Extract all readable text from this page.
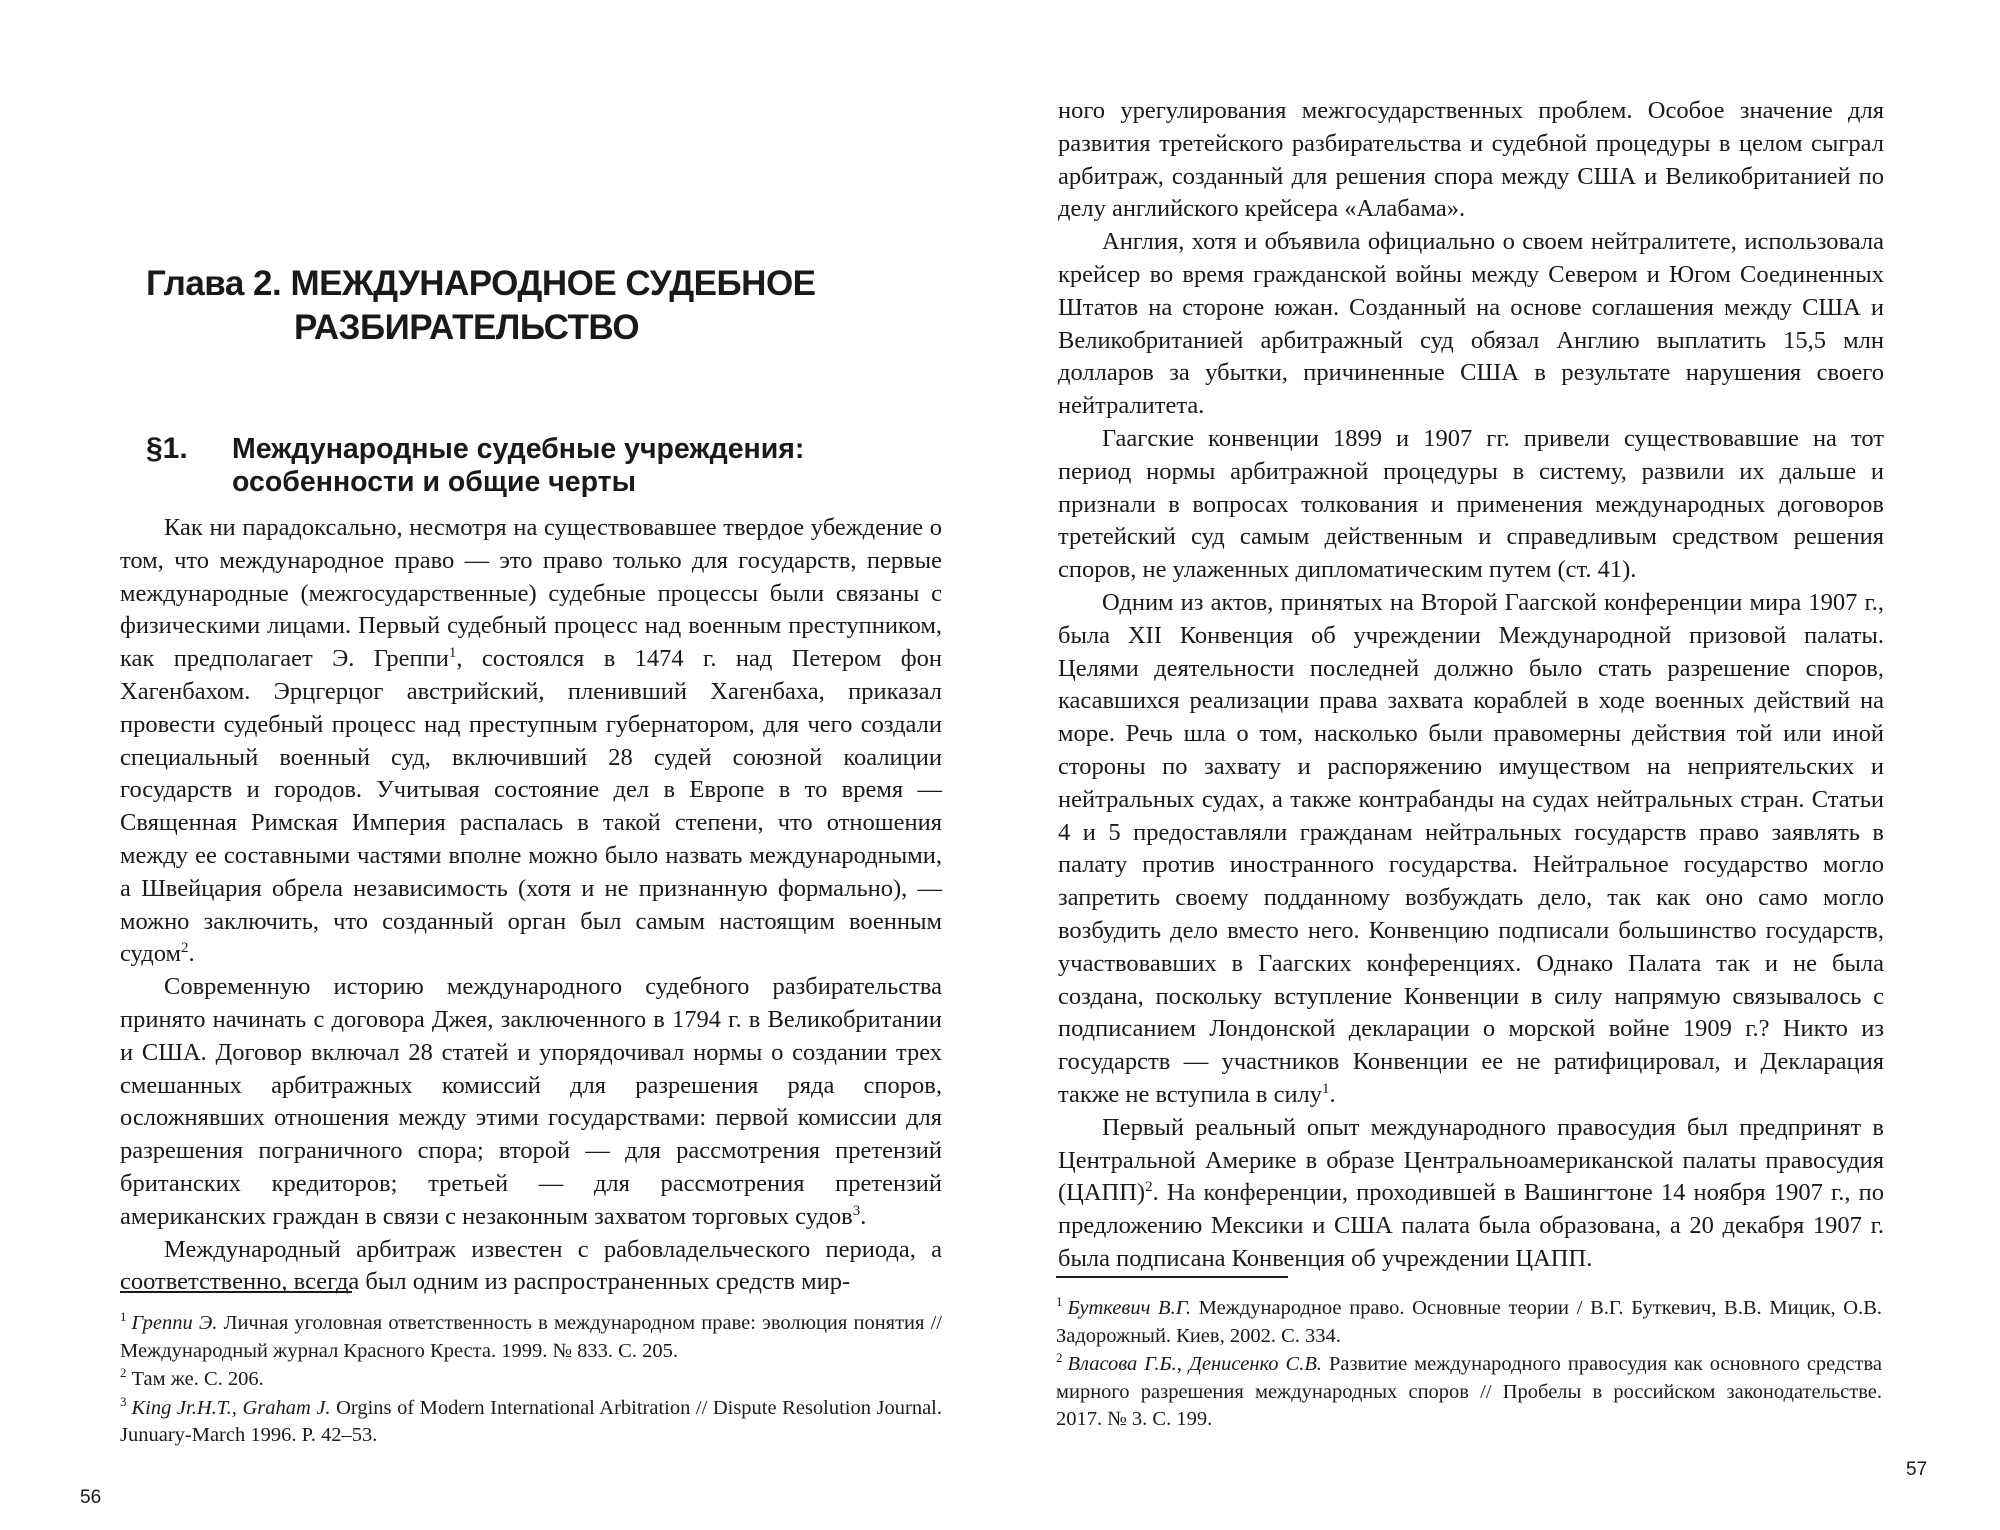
Глава 2. МЕЖДУНАРОДНОЕ СУДЕБНОЕ
РАЗБИРАТЕЛЬСТВО
§1. Международные судебные учреждения:
особенности и общие черты

Как ни парадоксально, несмотря на существовавшее твердое убеждение о том, что международное право — это право только для государств, первые международные (межгосударственные) судебные процессы были связаны с физическими лицами. Первый судебный процесс над военным преступником, как предполагает Э. Греппи$^1$, состоялся в 1474 г. над Петером фон Хагенбахом. Эрцгерцог австрийский, пленивший Хагенбаха, приказал провести судебный процесс над преступным губернатором, для чего создали специальный военный суд, включивший 28 судей союзной коалиции государств и городов. Учитывая состояние дел в Европе в то время — Священная Римская Империя распалась в такой степени, что отношения между ее составными частями вполне можно было назвать международными, а Швейцария обрела независимость (хотя и не признанную формально), — можно заключить, что созданный орган был самым настоящим военным судом$^2$.

Современную историю международного судебного разбирательства принято начинать с договора Джея, заключенного в 1794 г. в Великобритании и США. Договор включал 28 статей и упорядочивал нормы о создании трех смешанных арбитражных комиссий для разрешения ряда споров, осложнявших отношения между этими государствами: первой комиссии для разрешения пограничного спора; второй — для рассмотрения претензий британских кредиторов; третьей — для рассмотрения претензий американских граждан в связи с незаконным захватом торговых судов$^3$.

Международный арбитраж известен с рабовладельческого периода, а соответственно, всегда был одним из распространенных средств мир-

$^1$ Греппи Э. Личная уголовная ответственность в международном праве: эволюция понятия // Международный журнал Красного Креста. 1999. № 833. С. 205.

$^2$ Там же. С. 206.

$^3$ King Jr.H.T., Graham J. Orgins of Modern International Arbitration // Dispute Resolution Journal. Junuary-March 1996. P. 42–53.

56

ного урегулирования межгосударственных проблем. Особое значение для развития третейского разбирательства и судебной процедуры в целом сыграл арбитраж, созданный для решения спора между США и Великобританией по делу английского крейсера «Алабама».

Англия, хотя и объявила официально о своем нейтралитете, использовала крейсер во время гражданской войны между Севером и Югом Соединенных Штатов на стороне южан. Созданный на основе соглашения между США и Великобританией арбитражный суд обязал Англию выплатить 15,5 млн долларов за убытки, причиненные США в результате нарушения своего нейтралитета.

Гаагские конвенции 1899 и 1907 гг. привели существовавшие на тот период нормы арбитражной процедуры в систему, развили их дальше и признали в вопросах толкования и применения международных договоров третейский суд самым действенным и справедливым средством решения споров, не улаженных дипломатическим путем (ст. 41).

Одним из актов, принятых на Второй Гаагской конференции мира 1907 г., была XII Конвенция об учреждении Международной призовой палаты. Целями деятельности последней должно было стать разрешение споров, касавшихся реализации права захвата кораблей в ходе военных действий на море. Речь шла о том, насколько были правомерны действия той или иной стороны по захвату и распоряжению имуществом на неприятельских и нейтральных судах, а также контрабанды на судах нейтральных стран. Статьи 4 и 5 предоставляли гражданам нейтральных государств право заявлять в палату против иностранного государства. Нейтральное государство могло запретить своему подданному возбуждать дело, так как оно само могло возбудить дело вместо него. Конвенцию подписали большинство государств, участвовавших в Гаагских конференциях. Однако Палата так и не была создана, поскольку вступление Конвенции в силу напрямую связывалось с подписанием Лондонской декларации о морской войне 1909 г.? Никто из государств — участников Конвенции ее не ратифицировал, и Декларация также не вступила в силу$^1$.

Первый реальный опыт международного правосудия был предпринят в Центральной Америке в образе Центральноамериканской палаты правосудия (ЦАПП)$^2$. На конференции, проходившей в Вашингтоне 14 ноября 1907 г., по предложению Мексики и США палата была образована, а 20 декабря 1907 г. была подписана Конвенция об учреждении ЦАПП.

$^1$ Буткевич В.Г. Международное право. Основные теории / В.Г. Буткевич, В.В. Мицик, О.В. Задорожный. Киев, 2002. С. 334.

$^2$ Власова Г.Б., Денисенко С.В. Развитие международного правосудия как основного средства мирного разрешения международных споров // Пробелы в российском законодательстве. 2017. № 3. С. 199.

57
